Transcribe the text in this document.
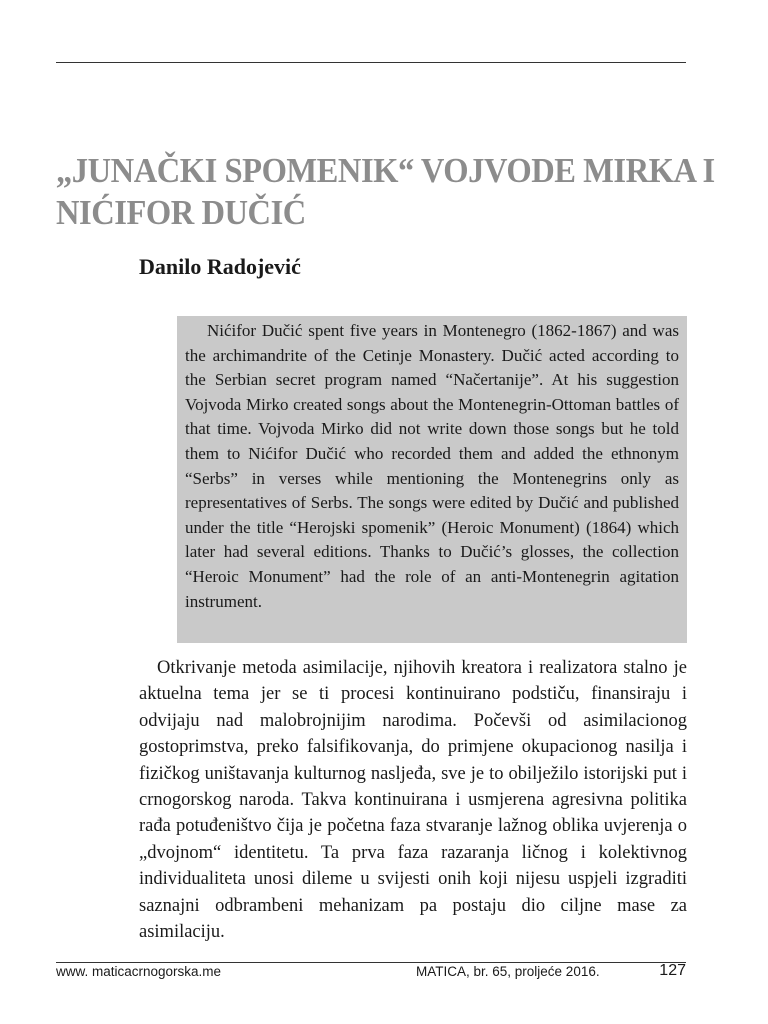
„JUNAČKI SPOMENIK“ VOJVODE MIRKA I
NIĆIFOR DUČIĆ
Danilo Radojević

Nićifor Dučić spent five years in Montenegro (1862-1867) and was the archimandrite of the Cetinje Monastery. Dučić acted according to the Serbian secret program named “Načertanije”. At his suggestion Vojvoda Mirko created songs about the Montenegrin-Ottoman battles of that time. Vojvoda Mirko did not write down those songs but he told them to Nićifor Dučić who recorded them and added the ethnonym “Serbs” in verses while mentioning the Montenegrins only as representatives of Serbs. The songs were edited by Dučić and published under the title “Herojski spomenik” (Heroic Monument) (1864) which later had several editions. Thanks to Dučić’s glosses, the collection “Heroic Monument” had the role of an anti-Montenegrin agitation instrument.

Otkrivanje metoda asimilacije, njihovih kreatora i realizatora stalno je aktuelna tema jer se ti procesi kontinuirano podstiču, finansiraju i odvijaju nad malobrojnijim narodima. Počevši od asimilacionog gostoprimstva, preko falsifikovanja, do primjene okupacionog nasilja i fizičkog uništavanja kulturnog nasljeđa, sve je to obilježilo istorijski put i crnogorskog naroda. Takva kontinuirana i usmjerena agresivna politika rađa potuđeništvo čija je početna faza stvaranje lažnog oblika uvjerenja o „dvojnom“ identitetu. Ta prva faza razaranja ličnog i kolektivnog individualiteta unosi dileme u svijesti onih koji nijesu uspjeli izgraditi saznajni odbrambeni mehanizam pa postaju dio ciljne mase za asimilaciju.

www. maticacrnogorska.me	MATICA, br. 65, proljeće 2016.	127
